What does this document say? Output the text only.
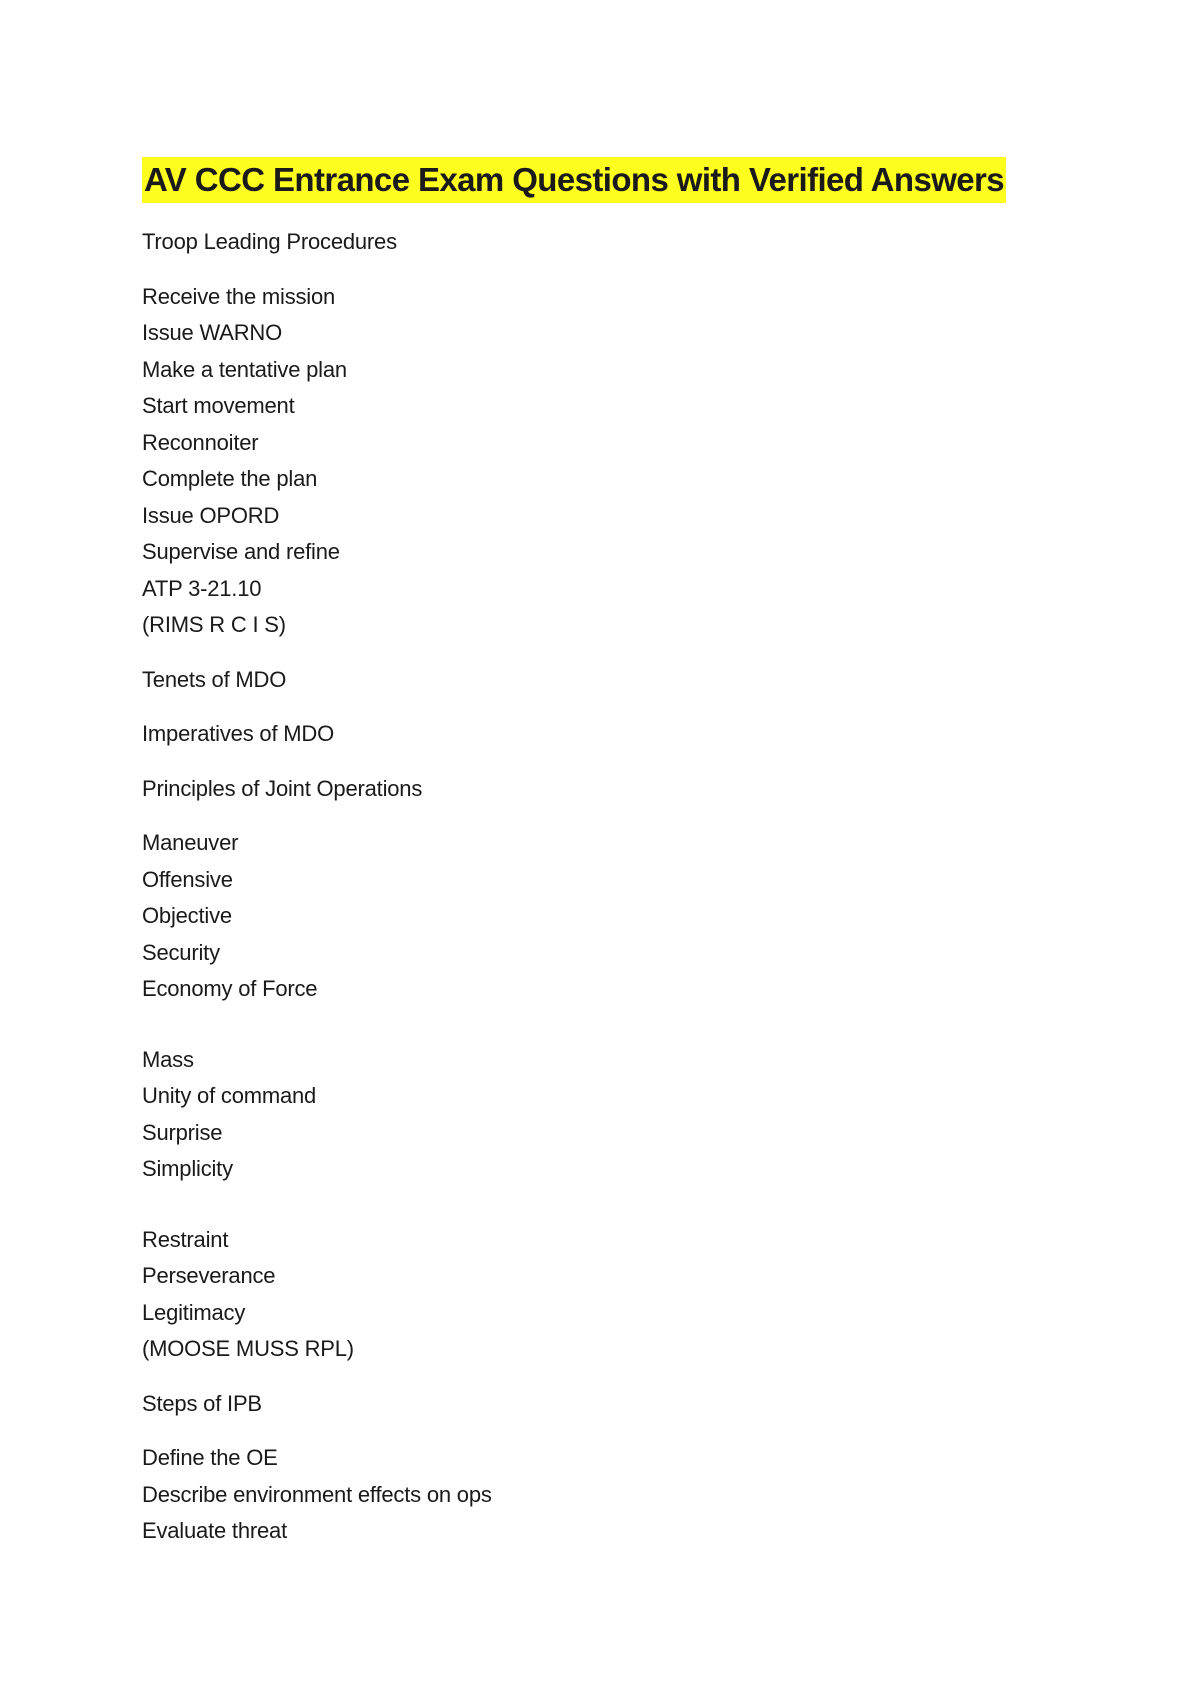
AV CCC Entrance Exam Questions with Verified Answers

Troop Leading Procedures

Receive the mission
Issue WARNO
Make a tentative plan
Start movement
Reconnoiter
Complete the plan
Issue OPORD
Supervise and refine
ATP 3-21.10
(RIMS R C I S)

Tenets of MDO

Imperatives of MDO

Principles of Joint Operations

Maneuver
Offensive
Objective
Security
Economy of Force

Mass
Unity of command
Surprise
Simplicity

Restraint
Perseverance
Legitimacy
(MOOSE MUSS RPL)

Steps of IPB

Define the OE
Describe environment effects on ops
Evaluate threat
